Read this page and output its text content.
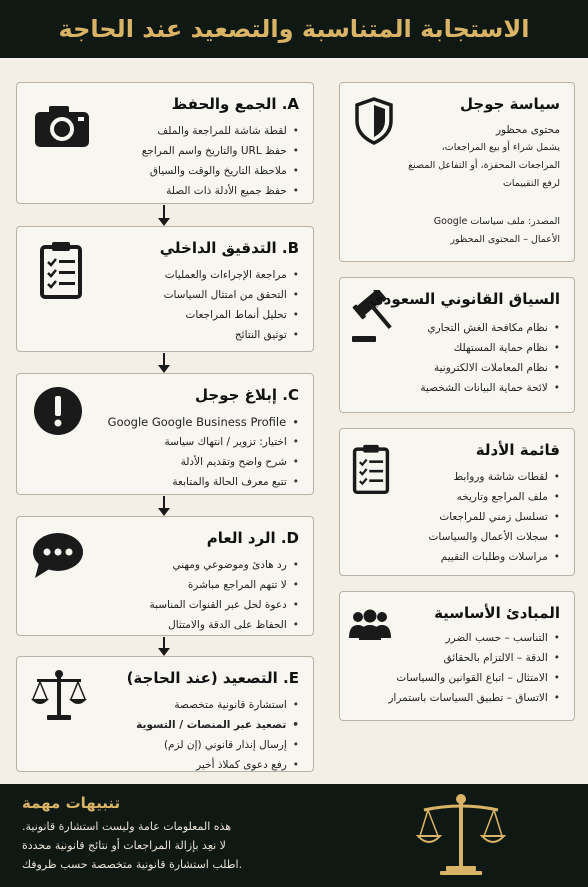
الاستجابة المتناسبة والتصعيد عند الحاجة
A. الجمع والحفظ
• لقطة شاشة للمراجعة والملف
• حفظ URL والتاريخ واسم المراجع
• ملاحظة التاريخ والوقت والسياق
• حفظ جميع الأدلة ذات الصلة
B. التدقيق الداخلي
• مراجعة الإجراءات والعمليات
• التحقق من امتثال السياسات
• تحليل أنماط المراجعات
• توثيق النتائج
C. إبلاغ جوجل
• Google Google Business Profile
• اختيار: تزوير / انتهاك سياسة
• شرح واضح وتقديم الأدلة
• تتبع معرف الحالة والمتابعة
D. الرد العام
• رد هادئ وموضوعي ومهني
• لا تتهم المراجع مباشرة
• دعوة لحل عبر القنوات المناسبة
• الحفاظ على الدقة والامتثال
E. التصعيد (عند الحاجة)
• استشارة قانونية متخصصة
• تصعيد عبر المنصات / التسوية
• إرسال إنذار قانوني (إن لزم)
• رفع دعوى كملاذ أخير
سياسة جوجل
محتوى محظور
يشمل شراء أو بيع المراجعات،
المراجعات المحفزة، أو التفاعل المصنع
لرفع التقييمات
المصدر: ملف سياسات Google
الأعمال – المحتوى المحظور
السياق القانوني السعودي
• نظام مكافحة الغش التجاري
• نظام حماية المستهلك
• نظام المعاملات الالكترونية
• لائحة حماية البيانات الشخصية
قائمة الأدلة
• لقطات شاشة وروابط
• ملف المراجع وتاريخه
• تسلسل زمني للمراجعات
• سجلات الأعمال والسياسات
• مراسلات وطلبات التقييم
المبادئ الأساسية
• التناسب – حسب الضرر
• الدقة – الالتزام بالحقائق
• الامتثال – اتباع القوانين والسياسات
• الاتساق – تطبيق السياسات باستمرار
تنبيهات مهمة
هذه المعلومات عامة وليست استشارة قانونية.
لا نعِد بإزالة المراجعات أو نتائج قانونية محددة
.اطلب استشارة قانونية متخصصة حسب ظروفك
